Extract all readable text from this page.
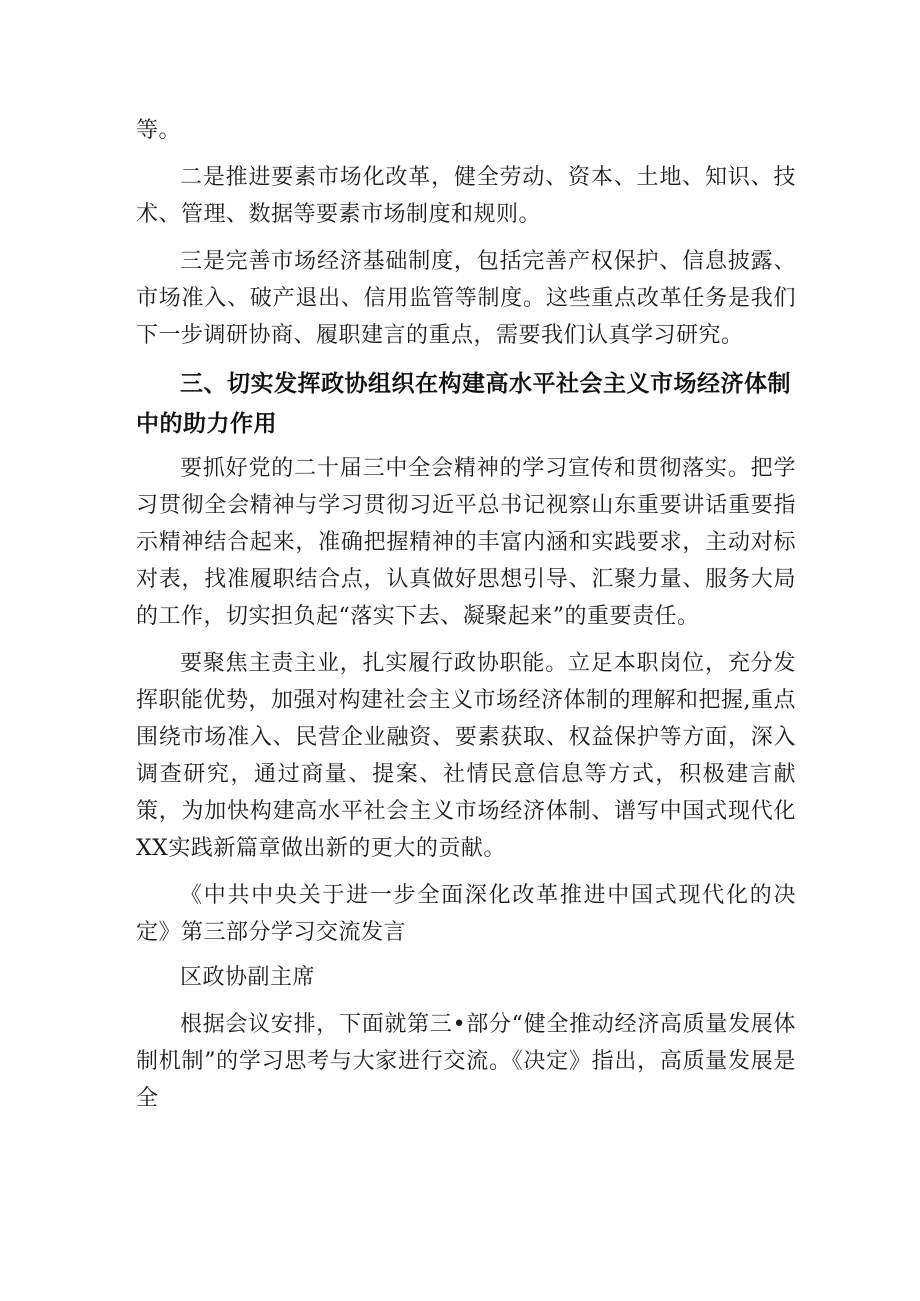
等。

二是推进要素市场化改革，健全劳动、资本、土地、知识、技术、管理、数据等要素市场制度和规则。

三是完善市场经济基础制度，包括完善产权保护、信息披露、市场准入、破产退出、信用监管等制度。这些重点改革任务是我们下一步调研协商、履职建言的重点，需要我们认真学习研究。

三、切实发挥政协组织在构建高水平社会主义市场经济体制中的助力作用

要抓好党的二十届三中全会精神的学习宣传和贯彻落实。把学习贯彻全会精神与学习贯彻习近平总书记视察山东重要讲话重要指示精神结合起来，准确把握精神的丰富内涵和实践要求，主动对标对表，找准履职结合点，认真做好思想引导、汇聚力量、服务大局的工作，切实担负起“落实下去、凝聚起来”的重要责任。

要聚焦主责主业，扎实履行政协职能。立足本职岗位，充分发挥职能优势，加强对构建社会主义市场经济体制的理解和把握,重点围绕市场准入、民营企业融资、要素获取、权益保护等方面，深入调查研究，通过商量、提案、社情民意信息等方式，积极建言献策，为加快构建高水平社会主义市场经济体制、谱写中国式现代化XX实践新篇章做出新的更大的贡献。

《中共中央关于进一步全面深化改革推进中国式现代化的决定》第三部分学习交流发言

区政协副主席

根据会议安排，下面就第三•部分“健全推动经济高质量发展体制机制”的学习思考与大家进行交流。《决定》指出，高质量发展是全
